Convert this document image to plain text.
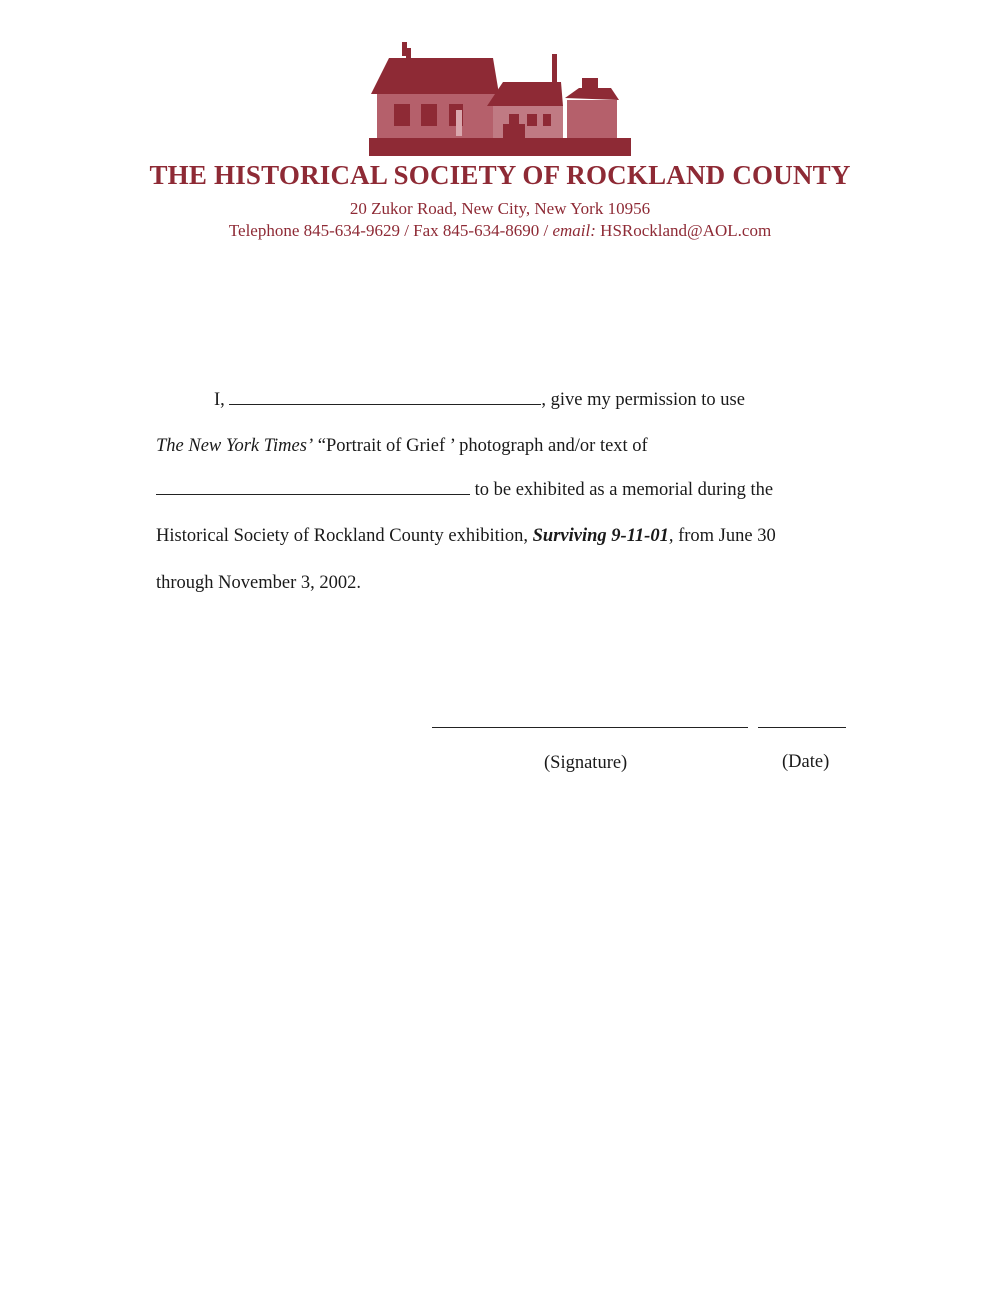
THE HISTORICAL SOCIETY OF ROCKLAND COUNTY
20 Zukor Road, New City, New York 10956
Telephone 845-634-9629 / Fax 845-634-8690 / email: HSRockland@AOL.com
I,	, give my permission to use
The New York Times’ “Portrait of Grief ’ photograph and/or text of
to be exhibited as a memorial during the
Historical Society of Rockland County exhibition, Surviving 9-11-01, from June 30
through November 3, 2002.
(Signature)	(Date)
